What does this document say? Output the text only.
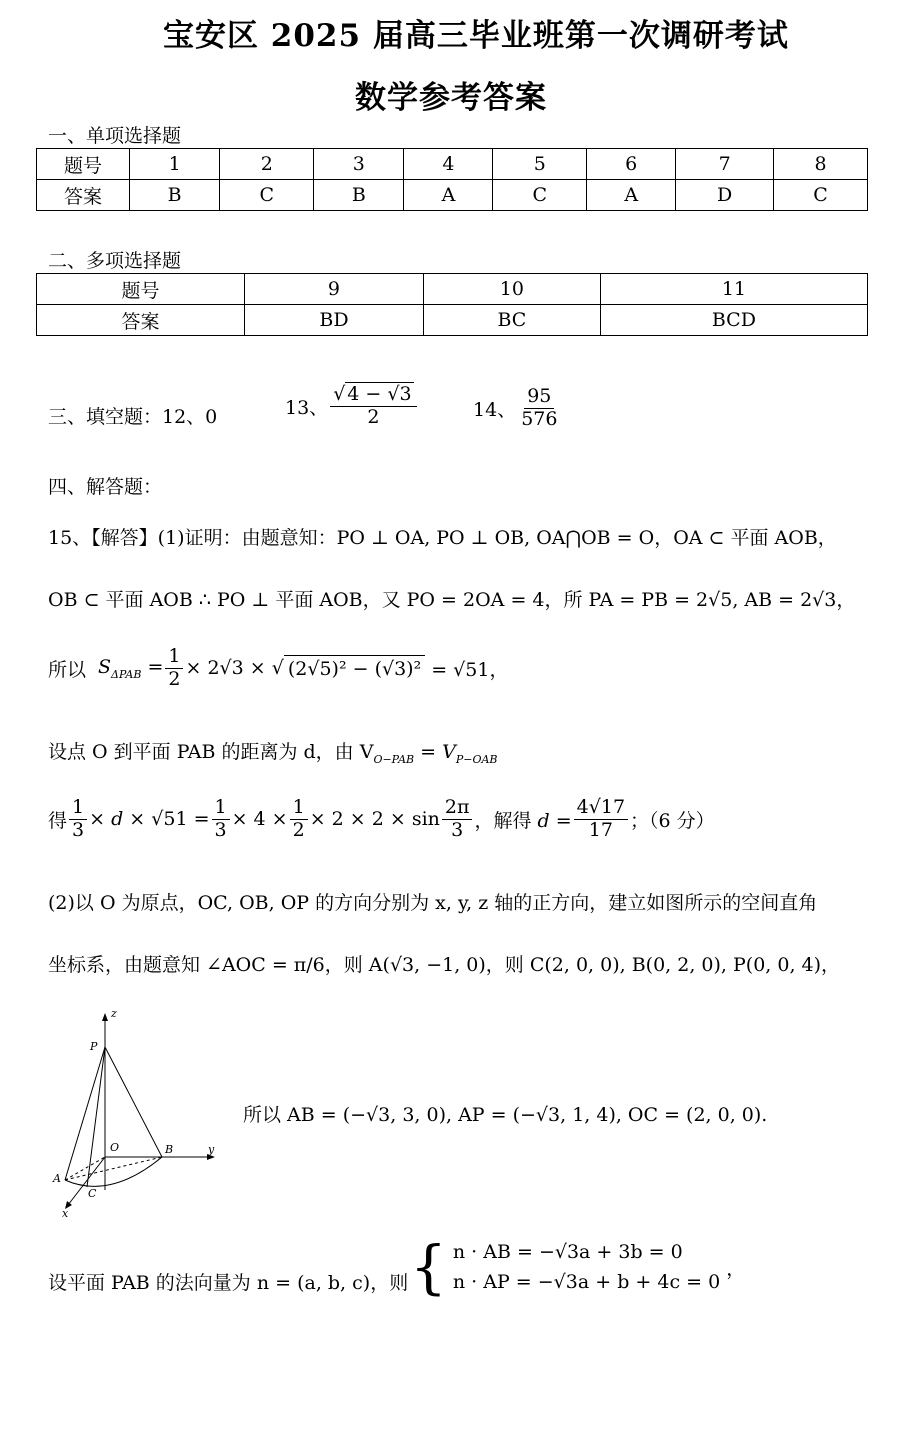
宝安区 2025 届高三毕业班第一次调研考试
数学参考答案
一、单项选择题
题号	1	2	3	4	5	6	7	8
答案	B	C	B	A	C	A	D	C
二、多项选择题
题号	9	10	11
答案	BD	BC	BCD
三、填空题：12、0	13、 $\frac{√ 4 - √3}{2}$	14、 $\frac{95}{576}$
四、解答题：
15、【解答】(1)证明：由题意知：PO ⊥ OA, PO ⊥ OB, OA⋂OB = O，OA ⊂ 平面 AOB，
OB ⊂ 平面 AOB ∴ PO ⊥ 平面 AOB，又 PO = 2OA = 4，所 PA = PB = 2√5, AB = 2√3，
所以 $S_{\Delta PAB} = \frac{1}{2} \times 2√3$ × √ (2√5)² − (√3)² = √51，
设点 O 到平面 PAB 的距离为 d，由 $V_{O-PAB} = V_{P-OAB}$
得 $\frac{1}{3} \times d \times √51 = \frac{1}{3} \times 4 \times \frac{1}{2} \times 2 \times 2 \times \sin \frac{2\pi}{3}$ ，解得 $d = \frac{4√17}{17}$ ；（6 分）
(2)以 O 为原点，OC, OB, OP 的方向分别为 x, y, z 轴的正方向，建立如图所示的空间直角
坐标系，由题意知 ∠AOC = π/6，则 A(√3, −1, 0)，则 C(2, 0, 0), B(0, 2, 0), P(0, 0, 4)，
z
P
O	B	y
A
C
x
所以 AB = (−√3, 3, 0), AP = (−√3, 1, 4), OC = (2, 0, 0).
设平面 PAB 的法向量为 n = (a, b, c)，则 { n · AB = −√3a + 3b = 0
n · AP = −√3a + b + 4c = 0
，
